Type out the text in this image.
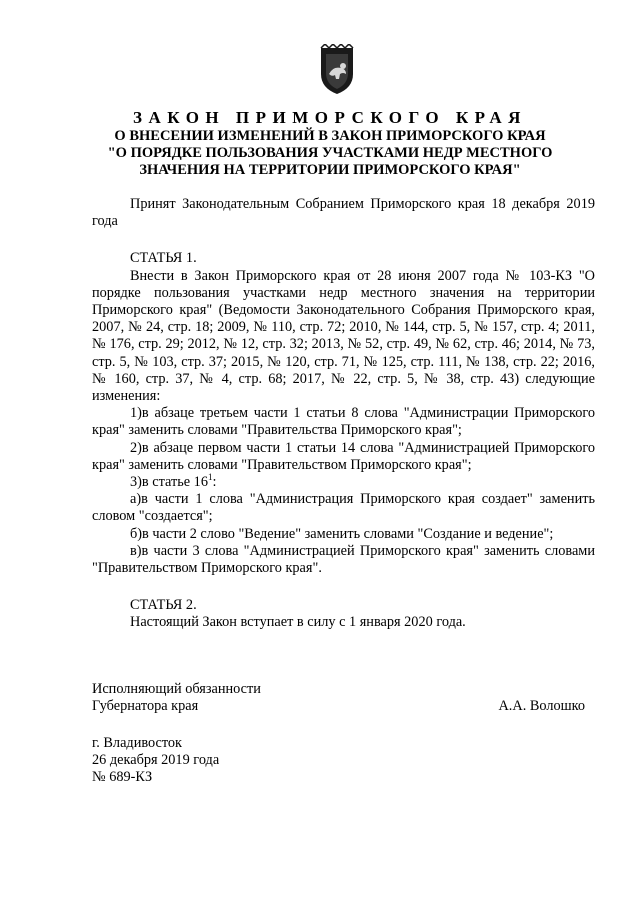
ЗАКОН ПРИМОРСКОГО КРАЯ
О ВНЕСЕНИИ ИЗМЕНЕНИЙ В ЗАКОН ПРИМОРСКОГО КРАЯ
"О ПОРЯДКЕ ПОЛЬЗОВАНИЯ УЧАСТКАМИ НЕДР МЕСТНОГО
ЗНАЧЕНИЯ НА ТЕРРИТОРИИ ПРИМОРСКОГО КРАЯ"

Принят Законодательным Собранием Приморского края 18 декабря 2019 года

СТАТЬЯ 1.

Внести в Закон Приморского края от 28 июня 2007 года № 103-КЗ "О порядке пользования участками недр местного значения на территории Приморского края" (Ведомости Законодательного Собрания Приморского края, 2007, № 24, стр. 18; 2009, № 110, стр. 72; 2010, № 144, стр. 5, № 157, стр. 4; 2011, № 176, стр. 29; 2012, № 12, стр. 32; 2013, № 52, стр. 49, № 62, стр. 46; 2014, № 73, стр. 5, № 103, стр. 37; 2015, № 120, стр. 71, № 125, стр. 111, № 138, стр. 22; 2016, № 160, стр. 37, № 4, стр. 68; 2017, № 22, стр. 5, № 38, стр. 43) следующие изменения:

1)в абзаце третьем части 1 статьи 8 слова "Администрации Приморского края" заменить словами "Правительства Приморского края";

2)в абзаце первом части 1 статьи 14 слова "Администрацией Приморского края" заменить словами "Правительством Приморского края";

3)в статье $16^1$:

а)в части 1 слова "Администрация Приморского края создает" заменить словом "создается";

б)в части 2 слово "Ведение" заменить словами "Создание и ведение";

в)в части 3 слова "Администрацией Приморского края" заменить словами "Правительством Приморского края".

СТАТЬЯ 2.

Настоящий Закон вступает в силу с 1 января 2020 года.

Исполняющий обязанности

Губернатора края	А.А. Волошко

г. Владивосток

26 декабря 2019 года

№ 689-КЗ
